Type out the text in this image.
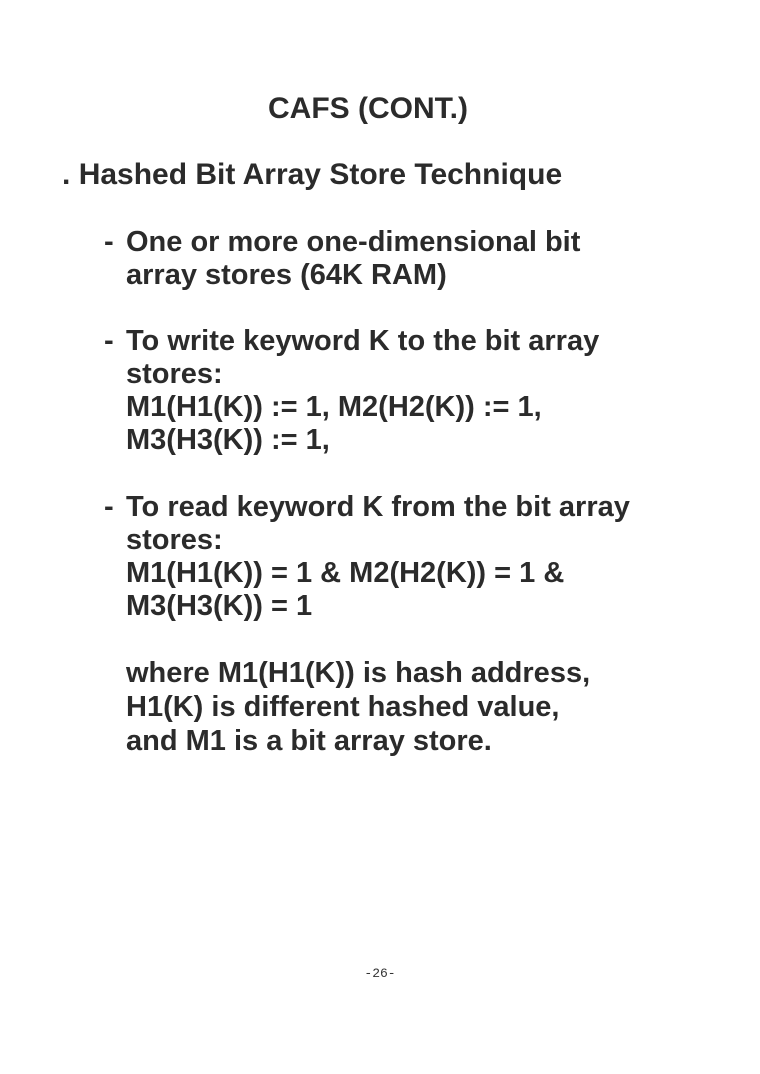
CAFS (CONT.)
. Hashed Bit Array Store Technique
- One or more one-dimensional bit
array stores (64K RAM)
- To write keyword K to the bit array
stores:
M1(H1(K)) := 1, M2(H2(K)) := 1,
M3(H3(K)) := 1,
- To read keyword K from the bit array
stores:
M1(H1(K)) = 1 & M2(H2(K)) = 1 &
M3(H3(K)) = 1
where M1(H1(K)) is hash address,
H1(K) is different hashed value,
and M1 is a bit array store.
-26-
